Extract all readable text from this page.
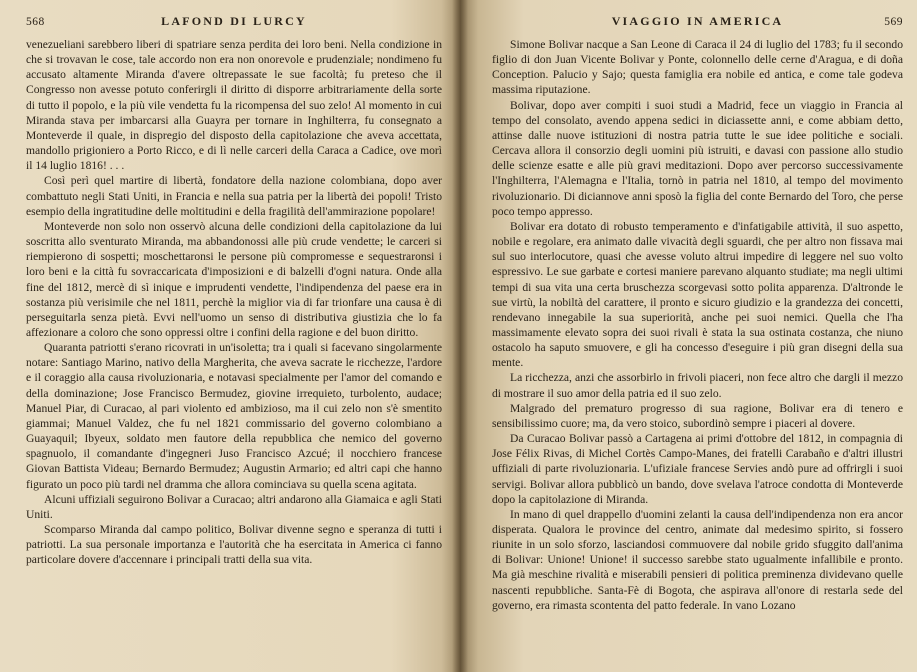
568	LAFOND DI LURCY

venezueliani sarebbero liberi di spatriare senza perdita dei loro beni. Nella condizione in che si trovavan le cose, tale accordo non era non onorevole e prudenziale; nondimeno fu accusato altamente Miranda d'avere oltrepassate le sue facoltà; fu preteso che il Congresso non avesse potuto conferirgli il diritto di disporre arbitrariamente della sorte di tutto il popolo, e la più vile vendetta fu la ricompensa del suo zelo! Al momento in cui Miranda stava per imbarcarsi alla Guayra per tornare in Inghilterra, fu consegnato a Monteverde il quale, in dispregio del disposto della capitolazione che aveva accettata, mandollo prigioniero a Porto Ricco, e di lì nelle carceri della Caraca a Cadice, ove morì il 14 luglio 1816! . . .

Così perì quel martire di libertà, fondatore della nazione colombiana, dopo aver combattuto negli Stati Uniti, in Francia e nella sua patria per la libertà dei popoli! Tristo esempio della ingratitudine delle moltitudini e della fragilità dell'ammirazione popolare!

Monteverde non solo non osservò alcuna delle condizioni della capitolazione da lui soscritta allo sventurato Miranda, ma abbandonossi alle più crude vendette; le carceri si riempierono di sospetti; moschettaronsi le persone più compromesse e sequestraronsi i loro beni e la città fu sovraccaricata d'imposizioni e di balzelli d'ogni natura. Onde alla fine del 1812, mercè di sì inique e imprudenti vendette, l'indipendenza del paese era in sostanza più verisimile che nel 1811, perchè la miglior via di far trionfare una causa è di perseguitarla senza pietà. Evvi nell'uomo un senso di distributiva giustizia che lo fa affezionare a coloro che sono oppressi oltre i confini della ragione e del buon diritto.

Quaranta patriotti s'erano ricovrati in un'isoletta; tra i quali si facevano singolarmente notare: Santiago Marino, nativo della Margherita, che aveva sacrate le ricchezze, l'ardore e il coraggio alla causa rivoluzionaria, e notavasi specialmente per l'amor del comando e della dominazione; Jose Francisco Bermudez, giovine irrequieto, turbolento, audace; Manuel Piar, di Curacao, al pari violento ed ambizioso, ma il cui zelo non s'è smentito giammai; Manuel Valdez, che fu nel 1821 commissario del governo colombiano a Guayaquil; Ibyeux, soldato men fautore della repubblica che nemico del governo spagnuolo, il comandante d'ingegneri Juso Francisco Azcué; il nocchiero francese Giovan Battista Videau; Bernardo Bermudez; Augustin Armario; ed altri capi che hanno figurato un poco più tardi nel dramma che allora cominciava su quella scena agitata.

Alcuni uffiziali seguirono Bolivar a Curacao; altri andarono alla Giamaica e agli Stati Uniti.

Scomparso Miranda dal campo politico, Bolivar divenne segno e speranza di tutti i patriotti. La sua personale importanza e l'autorità che ha esercitata in America ci fanno particolare dovere d'accennare i principali tratti della sua vita.

VIAGGIO IN AMERICA	569

Simone Bolivar nacque a San Leone di Caraca il 24 di luglio del 1783; fu il secondo figlio di don Juan Vicente Bolivar y Ponte, colonnello delle cerne d'Aragua, e di doña Conception. Palucio y Sajo; questa famiglia era nobile ed antica, e come tale godeva massima riputazione.

Bolivar, dopo aver compiti i suoi studi a Madrid, fece un viaggio in Francia al tempo del consolato, avendo appena sedici in diciassette anni, e come abbiam detto, attinse dalle nuove istituzioni di nostra patria tutte le sue idee politiche e sociali. Cercava allora il consorzio degli uomini più istruiti, e davasi con passione allo studio delle scienze esatte e alle più gravi meditazioni. Dopo aver percorso successivamente l'Inghilterra, l'Alemagna e l'Italia, tornò in patria nel 1810, al tempo del movimento rivoluzionario. Di diciannove anni sposò la figlia del conte Bernardo del Toro, che perse poco tempo appresso.

Bolivar era dotato di robusto temperamento e d'infatigabile attività, il suo aspetto, nobile e regolare, era animato dalle vivacità degli sguardi, che per altro non fissava mai sul suo interlocutore, quasi che avesse voluto altrui impedire di leggere nel suo volto espressivo. Le sue garbate e cortesi maniere parevano alquanto studiate; ma negli ultimi tempi di sua vita una certa bruschezza scorgevasi sotto polita apparenza. D'altronde le sue virtù, la nobiltà del carattere, il pronto e sicuro giudizio e la grandezza dei concetti, rendevano innegabile la sua superiorità, anche pei suoi nemici. Quella che l'ha massimamente elevato sopra dei suoi rivali è stata la sua ostinata costanza, che niuno ostacolo ha saputo smuovere, e gli ha concesso d'eseguire i più gran disegni della sua mente.

La ricchezza, anzi che assorbirlo in frivoli piaceri, non fece altro che dargli il mezzo di mostrare il suo amor della patria ed il suo zelo.

Malgrado del prematuro progresso di sua ragione, Bolivar era di tenero e sensibilissimo cuore; ma, da vero stoico, subordinò sempre i piaceri al dovere.

Da Curacao Bolivar passò a Cartagena ai primi d'ottobre del 1812, in compagnia di Jose Félix Rivas, di Michel Cortès Campo-Manes, dei fratelli Carabaño e d'altri illustri uffiziali di parte rivoluzionaria. L'ufiziale francese Servies andò pure ad offrirgli i suoi servigi. Bolivar allora pubblicò un bando, dove svelava l'atroce condotta di Monteverde dopo la capitolazione di Miranda.

In mano di quel drappello d'uomini zelanti la causa dell'indipendenza non era ancor disperata. Qualora le province del centro, animate dal medesimo spirito, si fossero riunite in un solo sforzo, lasciandosi commuovere dal nobile grido sfuggito dall'anima di Bolivar: Unione! Unione! il successo sarebbe stato ugualmente infallibile e pronto. Ma già meschine rivalità e miserabili pensieri di politica preminenza dividevano quelle nascenti repubbliche. Santa-Fè di Bogota, che aspirava all'onore di restarla sede del governo, era rimasta scontenta del patto federale. In vano Lozano
